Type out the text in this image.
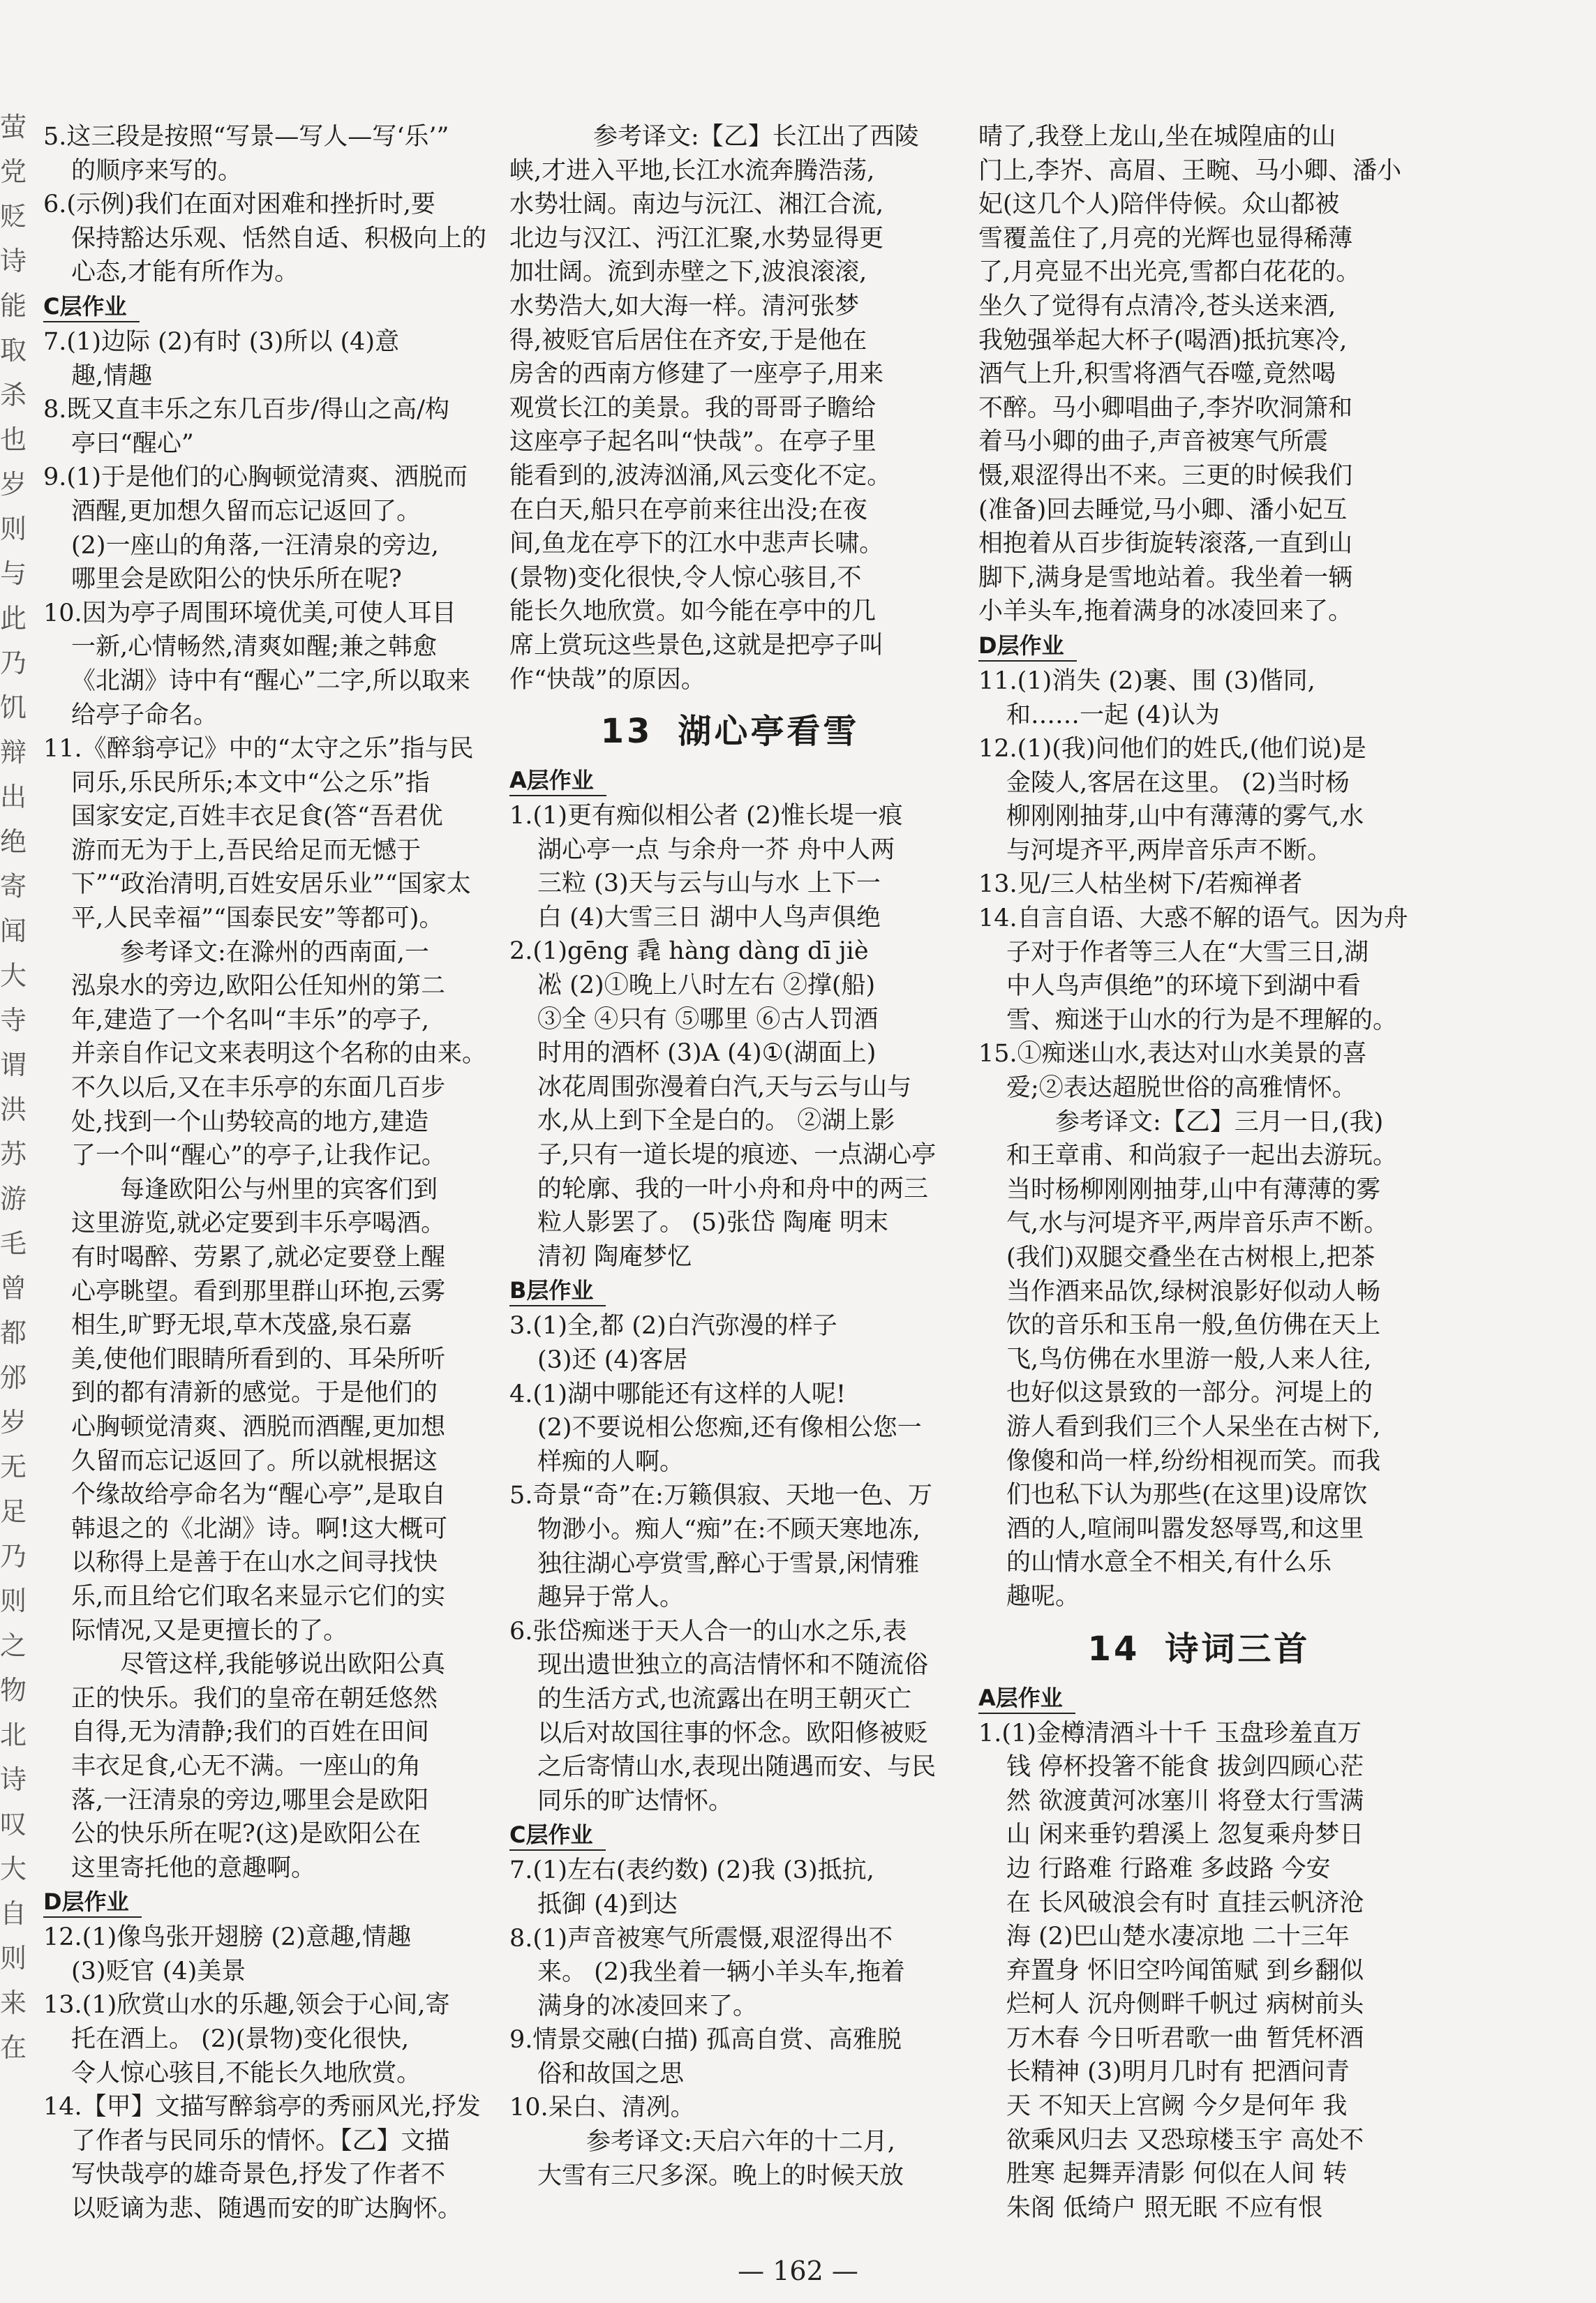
萤党
贬诗
能取
杀也
岁则
与此
乃饥
辩出
绝寄
闻大
寺谓
洪苏
游毛
曾都
邠岁
无足
乃则
之物
北诗
叹大
自则
来在
5.这三段是按照“写景—写人—写‘乐’”
的顺序来写的。
6.(示例)我们在面对困难和挫折时,要
保持豁达乐观、恬然自适、积极向上的
心态,才能有所作为。
C层作业
7.(1)边际 (2)有时 (3)所以 (4)意
趣,情趣
8.既又直丰乐之东几百步/得山之高/构
亭曰“醒心”
9.(1)于是他们的心胸顿觉清爽、洒脱而
酒醒,更加想久留而忘记返回了。
(2)一座山的角落,一汪清泉的旁边,
哪里会是欧阳公的快乐所在呢?
10.因为亭子周围环境优美,可使人耳目
一新,心情畅然,清爽如醒;兼之韩愈
《北湖》诗中有“醒心”二字,所以取来
给亭子命名。
11.《醉翁亭记》中的“太守之乐”指与民
同乐,乐民所乐;本文中“公之乐”指
国家安定,百姓丰衣足食(答“吾君优
游而无为于上,吾民给足而无憾于
下”“政治清明,百姓安居乐业”“国家太
平,人民幸福”“国泰民安”等都可)。
参考译文:在滁州的西南面,一
泓泉水的旁边,欧阳公任知州的第二
年,建造了一个名叫“丰乐”的亭子,
并亲自作记文来表明这个名称的由来。
不久以后,又在丰乐亭的东面几百步
处,找到一个山势较高的地方,建造
了一个叫“醒心”的亭子,让我作记。
每逢欧阳公与州里的宾客们到
这里游览,就必定要到丰乐亭喝酒。
有时喝醉、劳累了,就必定要登上醒
心亭眺望。看到那里群山环抱,云雾
相生,旷野无垠,草木茂盛,泉石嘉
美,使他们眼睛所看到的、耳朵所听
到的都有清新的感觉。于是他们的
心胸顿觉清爽、洒脱而酒醒,更加想
久留而忘记返回了。所以就根据这
个缘故给亭命名为“醒心亭”,是取自
韩退之的《北湖》诗。啊!这大概可
以称得上是善于在山水之间寻找快
乐,而且给它们取名来显示它们的实
际情况,又是更擅长的了。
尽管这样,我能够说出欧阳公真
正的快乐。我们的皇帝在朝廷悠然
自得,无为清静;我们的百姓在田间
丰衣足食,心无不满。一座山的角
落,一汪清泉的旁边,哪里会是欧阳
公的快乐所在呢?(这)是欧阳公在
这里寄托他的意趣啊。
D层作业
12.(1)像鸟张开翅膀 (2)意趣,情趣
(3)贬官 (4)美景
13.(1)欣赏山水的乐趣,领会于心间,寄
托在酒上。 (2)(景物)变化很快,
令人惊心骇目,不能长久地欣赏。
14.【甲】文描写醉翁亭的秀丽风光,抒发
了作者与民同乐的情怀。【乙】文描
写快哉亭的雄奇景色,抒发了作者不
以贬谪为悲、随遇而安的旷达胸怀。
参考译文:【乙】长江出了西陵
峡,才进入平地,长江水流奔腾浩荡,
水势壮阔。南边与沅江、湘江合流,
北边与汉江、沔江汇聚,水势显得更
加壮阔。流到赤壁之下,波浪滚滚,
水势浩大,如大海一样。清河张梦
得,被贬官后居住在齐安,于是他在
房舍的西南方修建了一座亭子,用来
观赏长江的美景。我的哥哥子瞻给
这座亭子起名叫“快哉”。在亭子里
能看到的,波涛汹涌,风云变化不定。
在白天,船只在亭前来往出没;在夜
间,鱼龙在亭下的江水中悲声长啸。
(景物)变化很快,令人惊心骇目,不
能长久地欣赏。如今能在亭中的几
席上赏玩这些景色,这就是把亭子叫
作“快哉”的原因。
13 湖心亭看雪
A层作业
1.(1)更有痴似相公者 (2)惟长堤一痕
湖心亭一点 与余舟一芥 舟中人两
三粒 (3)天与云与山与水 上下一
白 (4)大雪三日 湖中人鸟声俱绝
2.(1)gēng 毳 hàng dàng dī jiè
凇 (2)①晚上八时左右 ②撑(船)
③全 ④只有 ⑤哪里 ⑥古人罚酒
时用的酒杯 (3)A (4)①(湖面上)
冰花周围弥漫着白汽,天与云与山与
水,从上到下全是白的。 ②湖上影
子,只有一道长堤的痕迹、一点湖心亭
的轮廓、我的一叶小舟和舟中的两三
粒人影罢了。 (5)张岱 陶庵 明末
清初 陶庵梦忆
B层作业
3.(1)全,都 (2)白汽弥漫的样子
(3)还 (4)客居
4.(1)湖中哪能还有这样的人呢!
(2)不要说相公您痴,还有像相公您一
样痴的人啊。
5.奇景“奇”在:万籁俱寂、天地一色、万
物渺小。痴人“痴”在:不顾天寒地冻,
独往湖心亭赏雪,醉心于雪景,闲情雅
趣异于常人。
6.张岱痴迷于天人合一的山水之乐,表
现出遗世独立的高洁情怀和不随流俗
的生活方式,也流露出在明王朝灭亡
以后对故国往事的怀念。欧阳修被贬
之后寄情山水,表现出随遇而安、与民
同乐的旷达情怀。
C层作业
7.(1)左右(表约数) (2)我 (3)抵抗,
抵御 (4)到达
8.(1)声音被寒气所震慑,艰涩得出不
来。 (2)我坐着一辆小羊头车,拖着
满身的冰凌回来了。
9.情景交融(白描) 孤高自赏、高雅脱
俗和故国之思
10.呆白、清冽。
参考译文:天启六年的十二月,
大雪有三尺多深。晚上的时候天放
晴了,我登上龙山,坐在城隍庙的山
门上,李岕、高眉、王畹、马小卿、潘小
妃(这几个人)陪伴侍候。众山都被
雪覆盖住了,月亮的光辉也显得稀薄
了,月亮显不出光亮,雪都白花花的。
坐久了觉得有点清冷,苍头送来酒,
我勉强举起大杯子(喝酒)抵抗寒冷,
酒气上升,积雪将酒气吞噬,竟然喝
不醉。马小卿唱曲子,李岕吹洞箫和
着马小卿的曲子,声音被寒气所震
慑,艰涩得出不来。三更的时候我们
(准备)回去睡觉,马小卿、潘小妃互
相抱着从百步街旋转滚落,一直到山
脚下,满身是雪地站着。我坐着一辆
小羊头车,拖着满身的冰凌回来了。
D层作业
11.(1)消失 (2)裹、围 (3)偕同,
和……一起 (4)认为
12.(1)(我)问他们的姓氏,(他们说)是
金陵人,客居在这里。 (2)当时杨
柳刚刚抽芽,山中有薄薄的雾气,水
与河堤齐平,两岸音乐声不断。
13.见/三人枯坐树下/若痴禅者
14.自言自语、大惑不解的语气。因为舟
子对于作者等三人在“大雪三日,湖
中人鸟声俱绝”的环境下到湖中看
雪、痴迷于山水的行为是不理解的。
15.①痴迷山水,表达对山水美景的喜
爱;②表达超脱世俗的高雅情怀。
参考译文:【乙】三月一日,(我)
和王章甫、和尚寂子一起出去游玩。
当时杨柳刚刚抽芽,山中有薄薄的雾
气,水与河堤齐平,两岸音乐声不断。
(我们)双腿交叠坐在古树根上,把茶
当作酒来品饮,绿树浪影好似动人畅
饮的音乐和玉帛一般,鱼仿佛在天上
飞,鸟仿佛在水里游一般,人来人往,
也好似这景致的一部分。河堤上的
游人看到我们三个人呆坐在古树下,
像傻和尚一样,纷纷相视而笑。而我
们也私下认为那些(在这里)设席饮
酒的人,喧闹叫嚣发怒辱骂,和这里
的山情水意全不相关,有什么乐
趣呢。
14 诗词三首
A层作业
1.(1)金樽清酒斗十千 玉盘珍羞直万
钱 停杯投箸不能食 拔剑四顾心茫
然 欲渡黄河冰塞川 将登太行雪满
山 闲来垂钓碧溪上 忽复乘舟梦日
边 行路难 行路难 多歧路 今安
在 长风破浪会有时 直挂云帆济沧
海 (2)巴山楚水凄凉地 二十三年
弃置身 怀旧空吟闻笛赋 到乡翻似
烂柯人 沉舟侧畔千帆过 病树前头
万木春 今日听君歌一曲 暂凭杯酒
长精神 (3)明月几时有 把酒问青
天 不知天上宫阙 今夕是何年 我
欲乘风归去 又恐琼楼玉宇 高处不
胜寒 起舞弄清影 何似在人间 转
朱阁 低绮户 照无眠 不应有恨
— 162 —
